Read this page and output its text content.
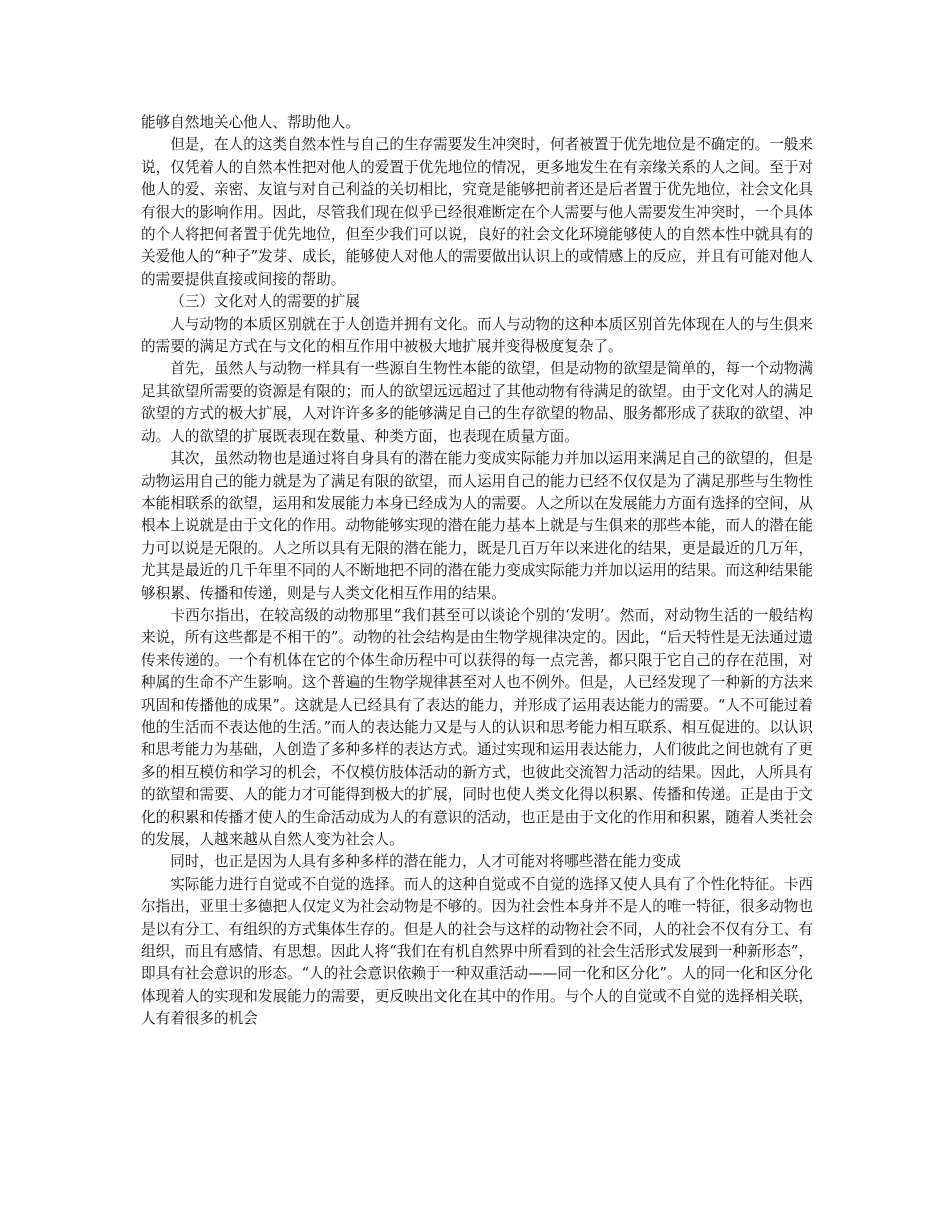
能够自然地关心他人、帮助他人。

但是，在人的这类自然本性与自己的生存需要发生冲突时，何者被置于优先地位是不确定的。一般来说，仅凭着人的自然本性把对他人的爱置于优先地位的情况，更多地发生在有亲缘关系的人之间。至于对他人的爱、亲密、友谊与对自己利益的关切相比，究竟是能够把前者还是后者置于优先地位，社会文化具有很大的影响作用。因此，尽管我们现在似乎已经很难断定在个人需要与他人需要发生冲突时，一个具体的个人将把何者置于优先地位，但至少我们可以说，良好的社会文化环境能够使人的自然本性中就具有的关爱他人的“种子”发芽、成长，能够使人对他人的需要做出认识上的或情感上的反应，并且有可能对他人的需要提供直接或间接的帮助。

（三）文化对人的需要的扩展

人与动物的本质区别就在于人创造并拥有文化。而人与动物的这种本质区别首先体现在人的与生俱来的需要的满足方式在与文化的相互作用中被极大地扩展并变得极度复杂了。

首先，虽然人与动物一样具有一些源自生物性本能的欲望，但是动物的欲望是简单的，每一个动物满足其欲望所需要的资源是有限的；而人的欲望远远超过了其他动物有待满足的欲望。由于文化对人的满足欲望的方式的极大扩展，人对许许多多的能够满足自己的生存欲望的物品、服务都形成了获取的欲望、冲动。人的欲望的扩展既表现在数量、种类方面，也表现在质量方面。

其次，虽然动物也是通过将自身具有的潜在能力变成实际能力并加以运用来满足自己的欲望的，但是动物运用自己的能力就是为了满足有限的欲望，而人运用自己的能力已经不仅仅是为了满足那些与生物性本能相联系的欲望，运用和发展能力本身已经成为人的需要。人之所以在发展能力方面有选择的空间，从根本上说就是由于文化的作用。动物能够实现的潜在能力基本上就是与生俱来的那些本能，而人的潜在能力可以说是无限的。人之所以具有无限的潜在能力，既是几百万年以来进化的结果，更是最近的几万年，尤其是最近的几千年里不同的人不断地把不同的潜在能力变成实际能力并加以运用的结果。而这种结果能够积累、传播和传递，则是与人类文化相互作用的结果。

卡西尔指出，在较高级的动物那里“我们甚至可以谈论个别的‘发明’。然而，对动物生活的一般结构来说，所有这些都是不相干的”。动物的社会结构是由生物学规律决定的。因此，“后天特性是无法通过遗传来传递的。一个有机体在它的个体生命历程中可以获得的每一点完善，都只限于它自己的存在范围，对种属的生命不产生影响。这个普遍的生物学规律甚至对人也不例外。但是，人已经发现了一种新的方法来巩固和传播他的成果”。这就是人已经具有了表达的能力，并形成了运用表达能力的需要。“人不可能过着他的生活而不表达他的生活。”而人的表达能力又是与人的认识和思考能力相互联系、相互促进的。以认识和思考能力为基础，人创造了多种多样的表达方式。通过实现和运用表达能力，人们彼此之间也就有了更多的相互模仿和学习的机会，不仅模仿肢体活动的新方式，也彼此交流智力活动的结果。因此，人所具有的欲望和需要、人的能力才可能得到极大的扩展，同时也使人类文化得以积累、传播和传递。正是由于文化的积累和传播才使人的生命活动成为人的有意识的活动，也正是由于文化的作用和积累，随着人类社会的发展，人越来越从自然人变为社会人。

同时，也正是因为人具有多种多样的潜在能力，人才可能对将哪些潜在能力变成

实际能力进行自觉或不自觉的选择。而人的这种自觉或不自觉的选择又使人具有了个性化特征。卡西尔指出，亚里士多德把人仅定义为社会动物是不够的。因为社会性本身并不是人的唯一特征，很多动物也是以有分工、有组织的方式集体生存的。但是人的社会与这样的动物社会不同，人的社会不仅有分工、有组织，而且有感情、有思想。因此人将“我们在有机自然界中所看到的社会生活形式发展到一种新形态”，即具有社会意识的形态。“人的社会意识依赖于一种双重活动——同一化和区分化”。人的同一化和区分化体现着人的实现和发展能力的需要，更反映出文化在其中的作用。与个人的自觉或不自觉的选择相关联，人有着很多的机会
